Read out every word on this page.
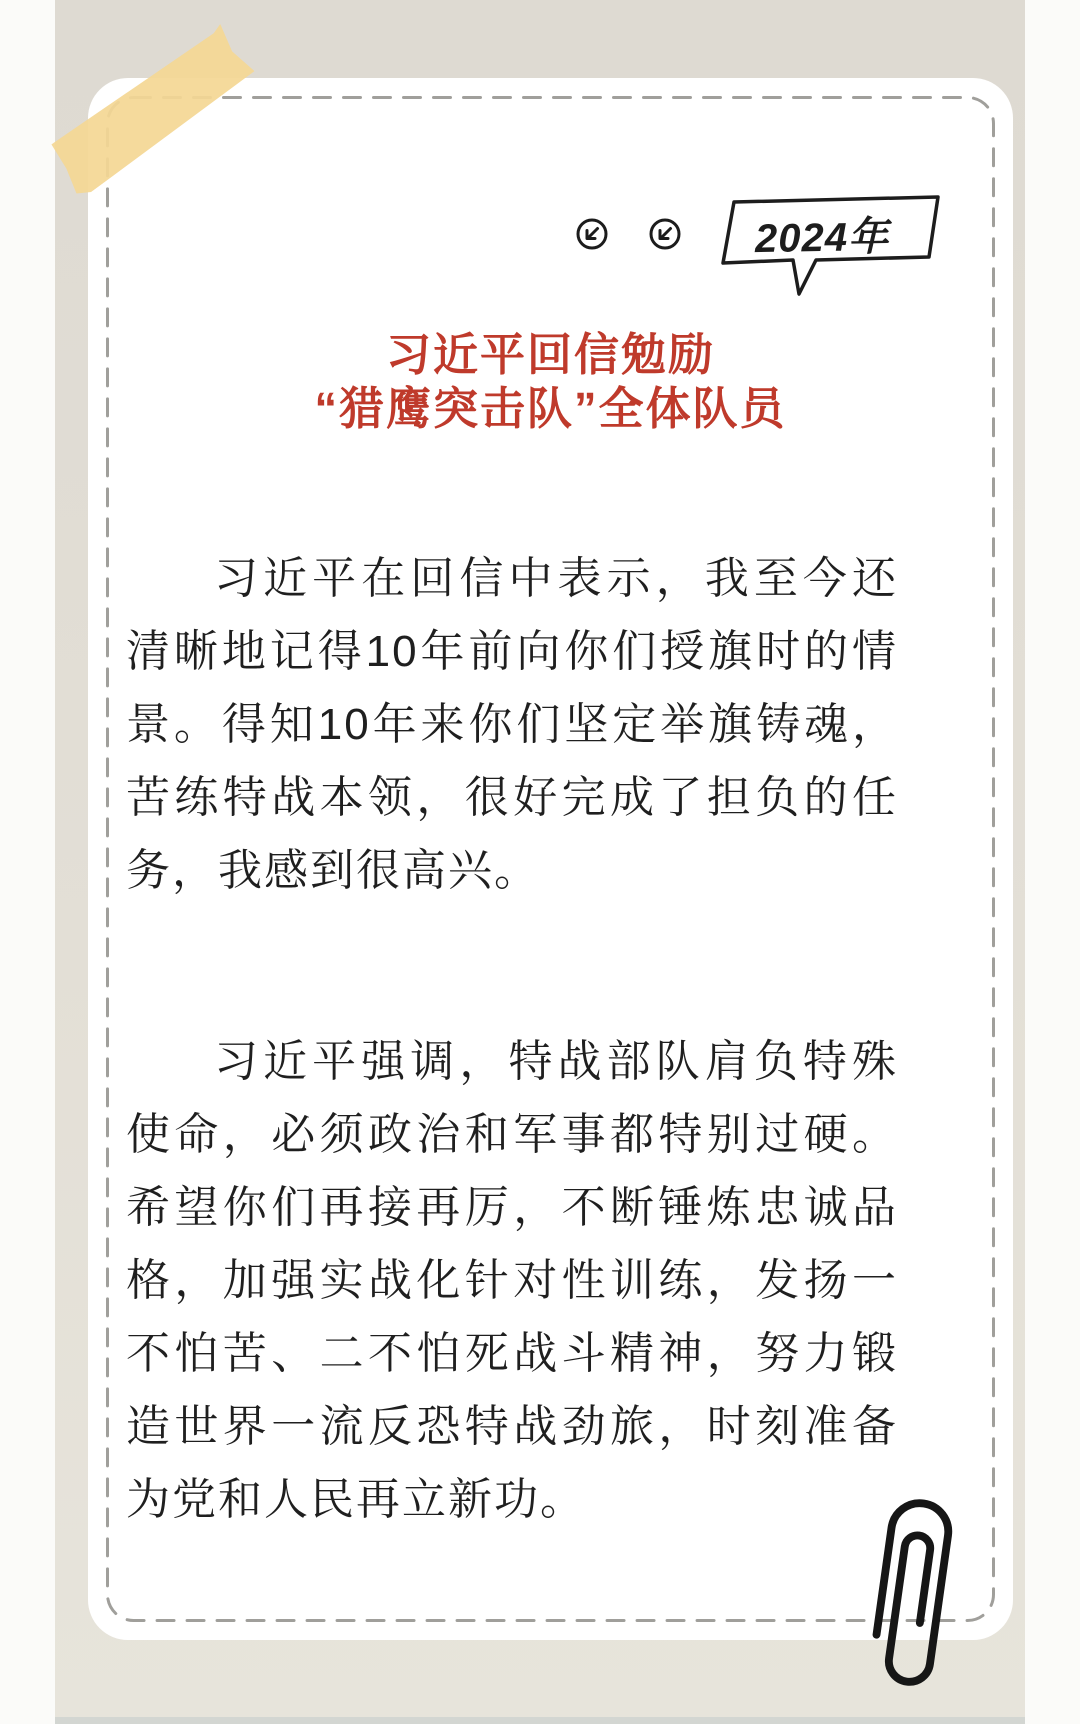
2024年
习近平回信勉励
“猎鹰突击队”全体队员

习近平在回信中表示，我至今还清晰地记得10年前向你们授旗时的情景。得知10年来你们坚定举旗铸魂，苦练特战本领，很好完成了担负的任务，我感到很高兴。

习近平强调，特战部队肩负特殊使命，必须政治和军事都特别过硬。希望你们再接再厉，不断锤炼忠诚品格，加强实战化针对性训练，发扬一不怕苦、二不怕死战斗精神，努力锻造世界一流反恐特战劲旅，时刻准备为党和人民再立新功。
